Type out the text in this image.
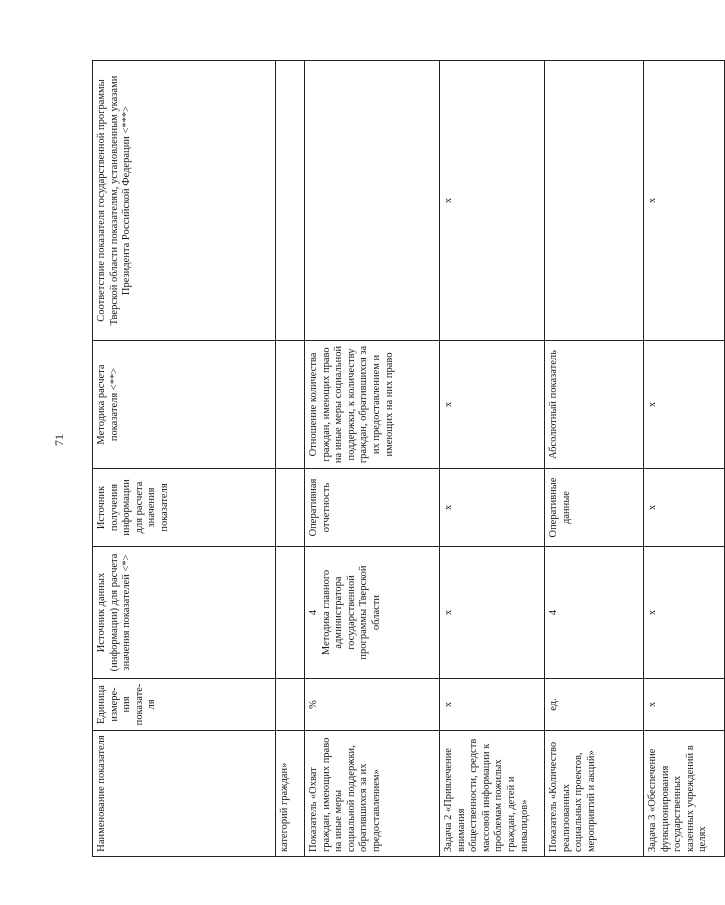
71
Наименование показателя	Единица измере-ния показате-ля	Источник данных (информации) для расчета значения показателей <*>	Источник получения информации для расчета значения показателя	Методика расчета показателя <**>	Соответствие показателя государственной программы Тверской области показателям, установленным указами Президента Российской Федерации <***>
категорий граждан»					
Показатель «Охват граждан, имеющих право на иные меры социальной поддержки, обратившихся за их предоставлением»	%	4 Методика главного администратора государственной программы Тверской области	Оперативная отчетность	Отношение количества граждан, имеющих право на иные меры социальной поддержки, к количеству граждан, обратившихся за их предоставлением и имеющих на них право	
Задача 2 «Привлечение внимания общественности, средств массовой информации к проблемам пожилых граждан, детей и инвалидов»	х	х	х	х	х
Показатель «Количество реализованных социальных проектов, мероприятий и акций»	ед.	4	Оперативные данные	Абсолютный показатель	
Задача 3 «Обеспечение функционирования государственных казенных учреждений в целях	х	х	х	х	х
